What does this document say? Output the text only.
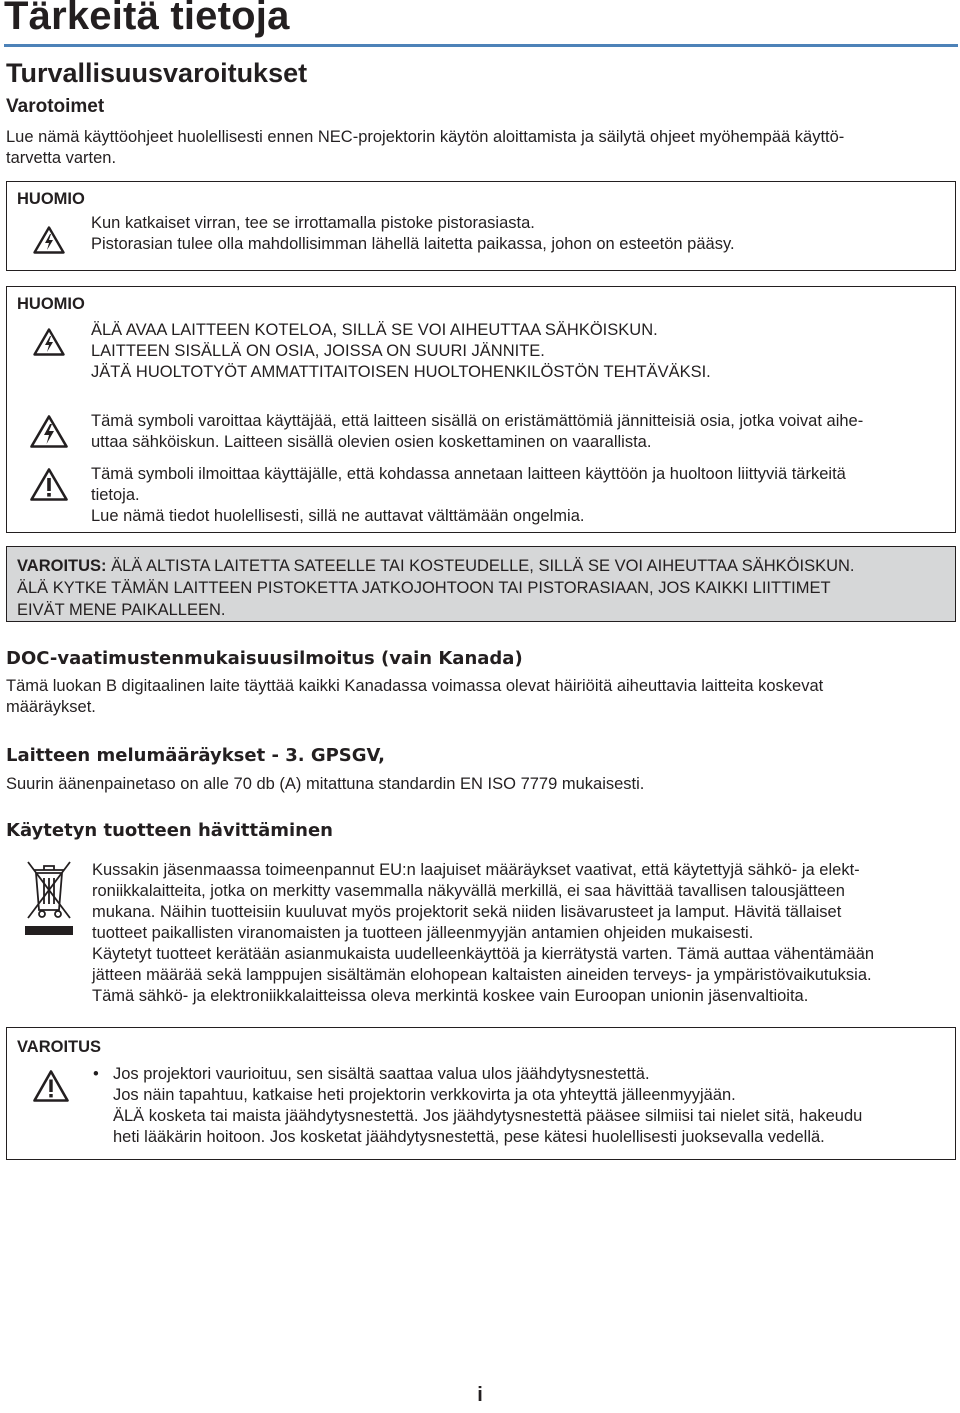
Tärkeitä tietoja
Turvallisuusvaroitukset
Varotoimet
Lue nämä käyttöohjeet huolellisesti ennen NEC-projektorin käytön aloittamista ja säilytä ohjeet myöhempää käyttö-
tarvetta varten.
HUOMIO
Kun katkaiset virran, tee se irrottamalla pistoke pistorasiasta.
Pistorasian tulee olla mahdollisimman lähellä laitetta paikassa, johon on esteetön pääsy.
HUOMIO
ÄLÄ AVAA LAITTEEN KOTELOA, SILLÄ SE VOI AIHEUTTAA SÄHKÖISKUN.
LAITTEEN SISÄLLÄ ON OSIA, JOISSA ON SUURI JÄNNITE.
JÄTÄ HUOLTOTYÖT AMMATTITAITOISEN HUOLTOHENKILÖSTÖN TEHTÄVÄKSI.
Tämä symboli varoittaa käyttäjää, että laitteen sisällä on eristämättömiä jännitteisiä osia, jotka voivat aihe-
uttaa sähköiskun. Laitteen sisällä olevien osien koskettaminen on vaarallista.
Tämä symboli ilmoittaa käyttäjälle, että kohdassa annetaan laitteen käyttöön ja huoltoon liittyviä tärkeitä
tietoja.
Lue nämä tiedot huolellisesti, sillä ne auttavat välttämään ongelmia.
VAROITUS: ÄLÄ ALTISTA LAITETTA SATEELLE TAI KOSTEUDELLE, SILLÄ SE VOI AIHEUTTAA SÄHKÖISKUN.
ÄLÄ KYTKE TÄMÄN LAITTEEN PISTOKETTA JATKOJOHTOON TAI PISTORASIAAN, JOS KAIKKI LIITTIMET
EIVÄT MENE PAIKALLEEN.
DOC-vaatimustenmukaisuusilmoitus (vain Kanada)
Tämä luokan B digitaalinen laite täyttää kaikki Kanadassa voimassa olevat häiriöitä aiheuttavia laitteita koskevat
määräykset.
Laitteen melumääräykset - 3. GPSGV,
Suurin äänenpainetaso on alle 70 db (A) mitattuna standardin EN ISO 7779 mukaisesti.
Käytetyn tuotteen hävittäminen
Kussakin jäsenmaassa toimeenpannut EU:n laajuiset määräykset vaativat, että käytettyjä sähkö- ja elekt-
roniikkalaitteita, jotka on merkitty vasemmalla näkyvällä merkillä, ei saa hävittää tavallisen talousjätteen
mukana. Näihin tuotteisiin kuuluvat myös projektorit sekä niiden lisävarusteet ja lamput. Hävitä tällaiset
tuotteet paikallisten viranomaisten ja tuotteen jälleenmyyjän antamien ohjeiden mukaisesti.
Käytetyt tuotteet kerätään asianmukaista uudelleenkäyttöä ja kierrätystä varten. Tämä auttaa vähentämään
jätteen määrää sekä lamppujen sisältämän elohopean kaltaisten aineiden terveys- ja ympäristövaikutuksia.
Tämä sähkö- ja elektroniikkalaitteissa oleva merkintä koskee vain Euroopan unionin jäsenvaltioita.
VAROITUS
• Jos projektori vaurioituu, sen sisältä saattaa valua ulos jäähdytysnestettä.
Jos näin tapahtuu, katkaise heti projektorin verkkovirta ja ota yhteyttä jälleenmyyjään.
ÄLÄ kosketa tai maista jäähdytysnestettä. Jos jäähdytysnestettä pääsee silmiisi tai nielet sitä, hakeudu
heti lääkärin hoitoon. Jos kosketat jäähdytysnestettä, pese kätesi huolellisesti juoksevalla vedellä.
i
